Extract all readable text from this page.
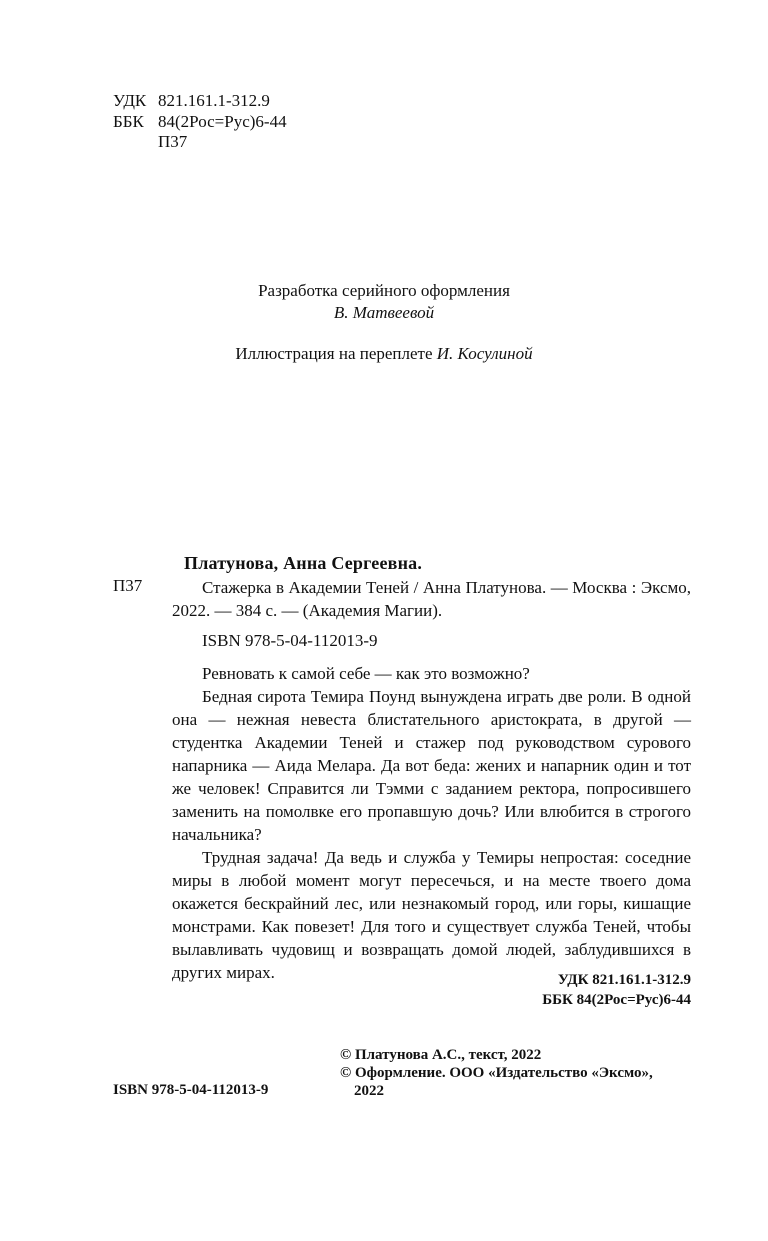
УДК 821.161.1-312.9
ББК 84(2Рос=Рус)6-44
П37
Разработка серийного оформления
В. Матвеевой
Иллюстрация на переплете И. Косулиной
Платунова, Анна Сергеевна.
П37	Стажерка в Академии Теней / Анна Платунова. — Москва : Эксмо, 2022. — 384 с. — (Академия Магии).
ISBN 978-5-04-112013-9

Ревновать к самой себе — как это возможно?

Бедная сирота Темира Поунд вынуждена играть две роли. В одной она — нежная невеста блистательного аристократа, в другой — студентка Академии Теней и стажер под руководством сурового напарника — Аида Мелара. Да вот беда: жених и напарник один и тот же человек! Справится ли Тэмми с заданием ректора, попросившего заменить на помолвке его пропавшую дочь? Или влюбится в строгого начальника?

Трудная задача! Да ведь и служба у Темиры непростая: соседние миры в любой момент могут пересечься, и на месте твоего дома окажется бескрайний лес, или незнакомый город, или горы, кишащие монстрами. Как повезет! Для того и существует служба Теней, чтобы вылавливать чудовищ и возвращать домой людей, заблудившихся в других мирах.	УДК 821.161.1-312.9
ББК 84(2Рос=Рус)6-44
© Платунова А.С., текст, 2022
© Оформление. ООО «Издательство «Эксмо»,
2022
ISBN 978-5-04-112013-9
